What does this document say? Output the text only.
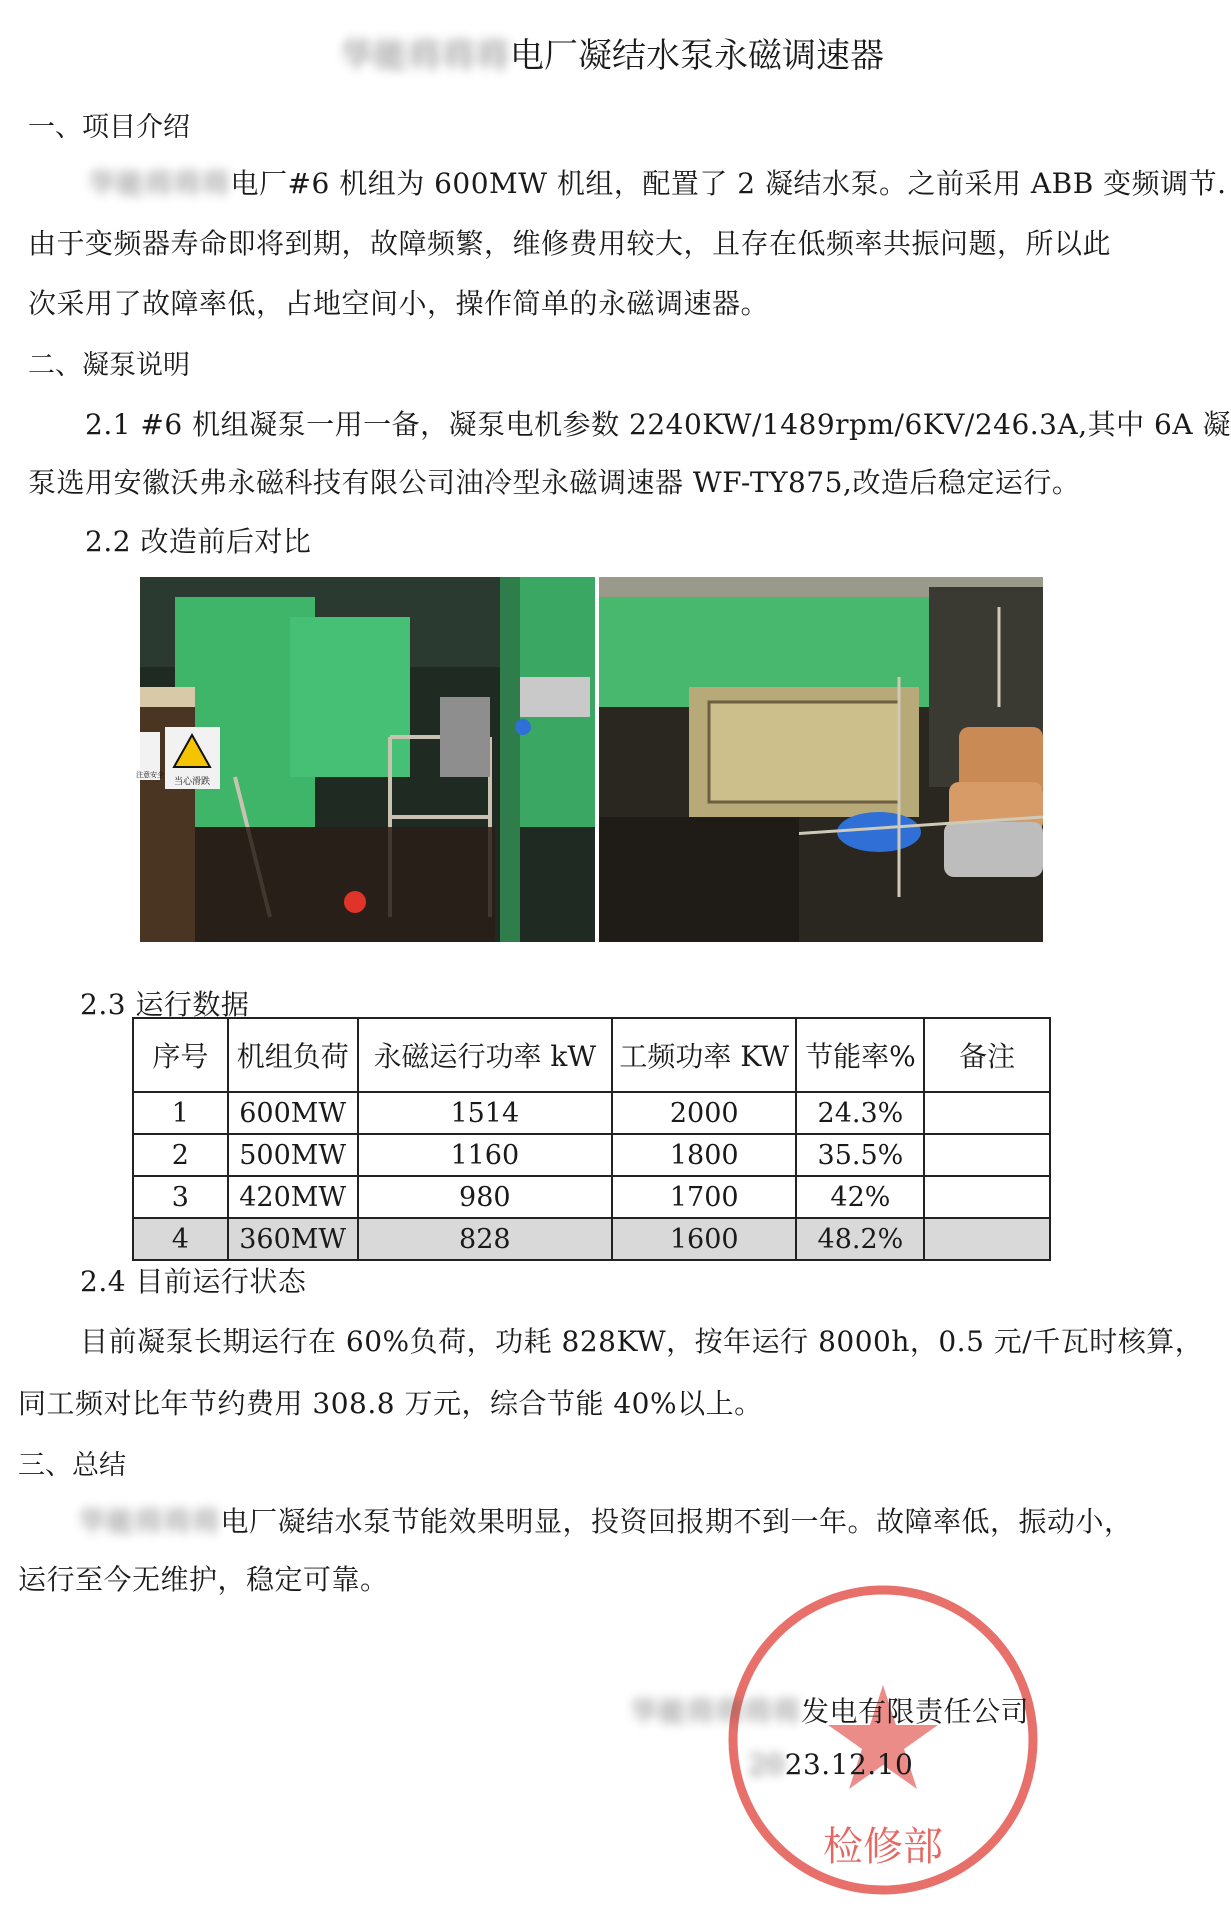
华能将将将电厂凝结水泵永磁调速器
一、项目介绍
华能将将将电厂#6 机组为 600MW 机组，配置了 2 凝结水泵。之前采用 ABB 变频调节.
由于变频器寿命即将到期，故障频繁，维修费用较大，且存在低频率共振问题，所以此
次采用了故障率低，占地空间小，操作简单的永磁调速器。
二、凝泵说明
2.1 #6 机组凝泵一用一备，凝泵电机参数 2240KW/1489rpm/6KV/246.3A,其中 6A 凝
泵选用安徽沃弗永磁科技有限公司油冷型永磁调速器 WF-TY875,改造后稳定运行。
2.2 改造前后对比
当心滑跌
注意安全
2.3 运行数据
序号	机组负荷	永磁运行功率 kW	工频功率 KW	节能率%	备注
1	600MW	1514	2000	24.3%	
2	500MW	1160	1800	35.5%	
3	420MW	980	1700	42%	
4	360MW	828	1600	48.2%	
2.4 目前运行状态
目前凝泵长期运行在 60%负荷，功耗 828KW，按年运行 8000h，0.5 元/千瓦时核算，
同工频对比年节约费用 308.8 万元，综合节能 40%以上。
三、总结
华能将将将电厂凝结水泵节能效果明显，投资回报期不到一年。故障率低，振动小，
运行至今无维护，稳定可靠。
检修部
华能将将将将发电有限责任公司
2023.12.10
